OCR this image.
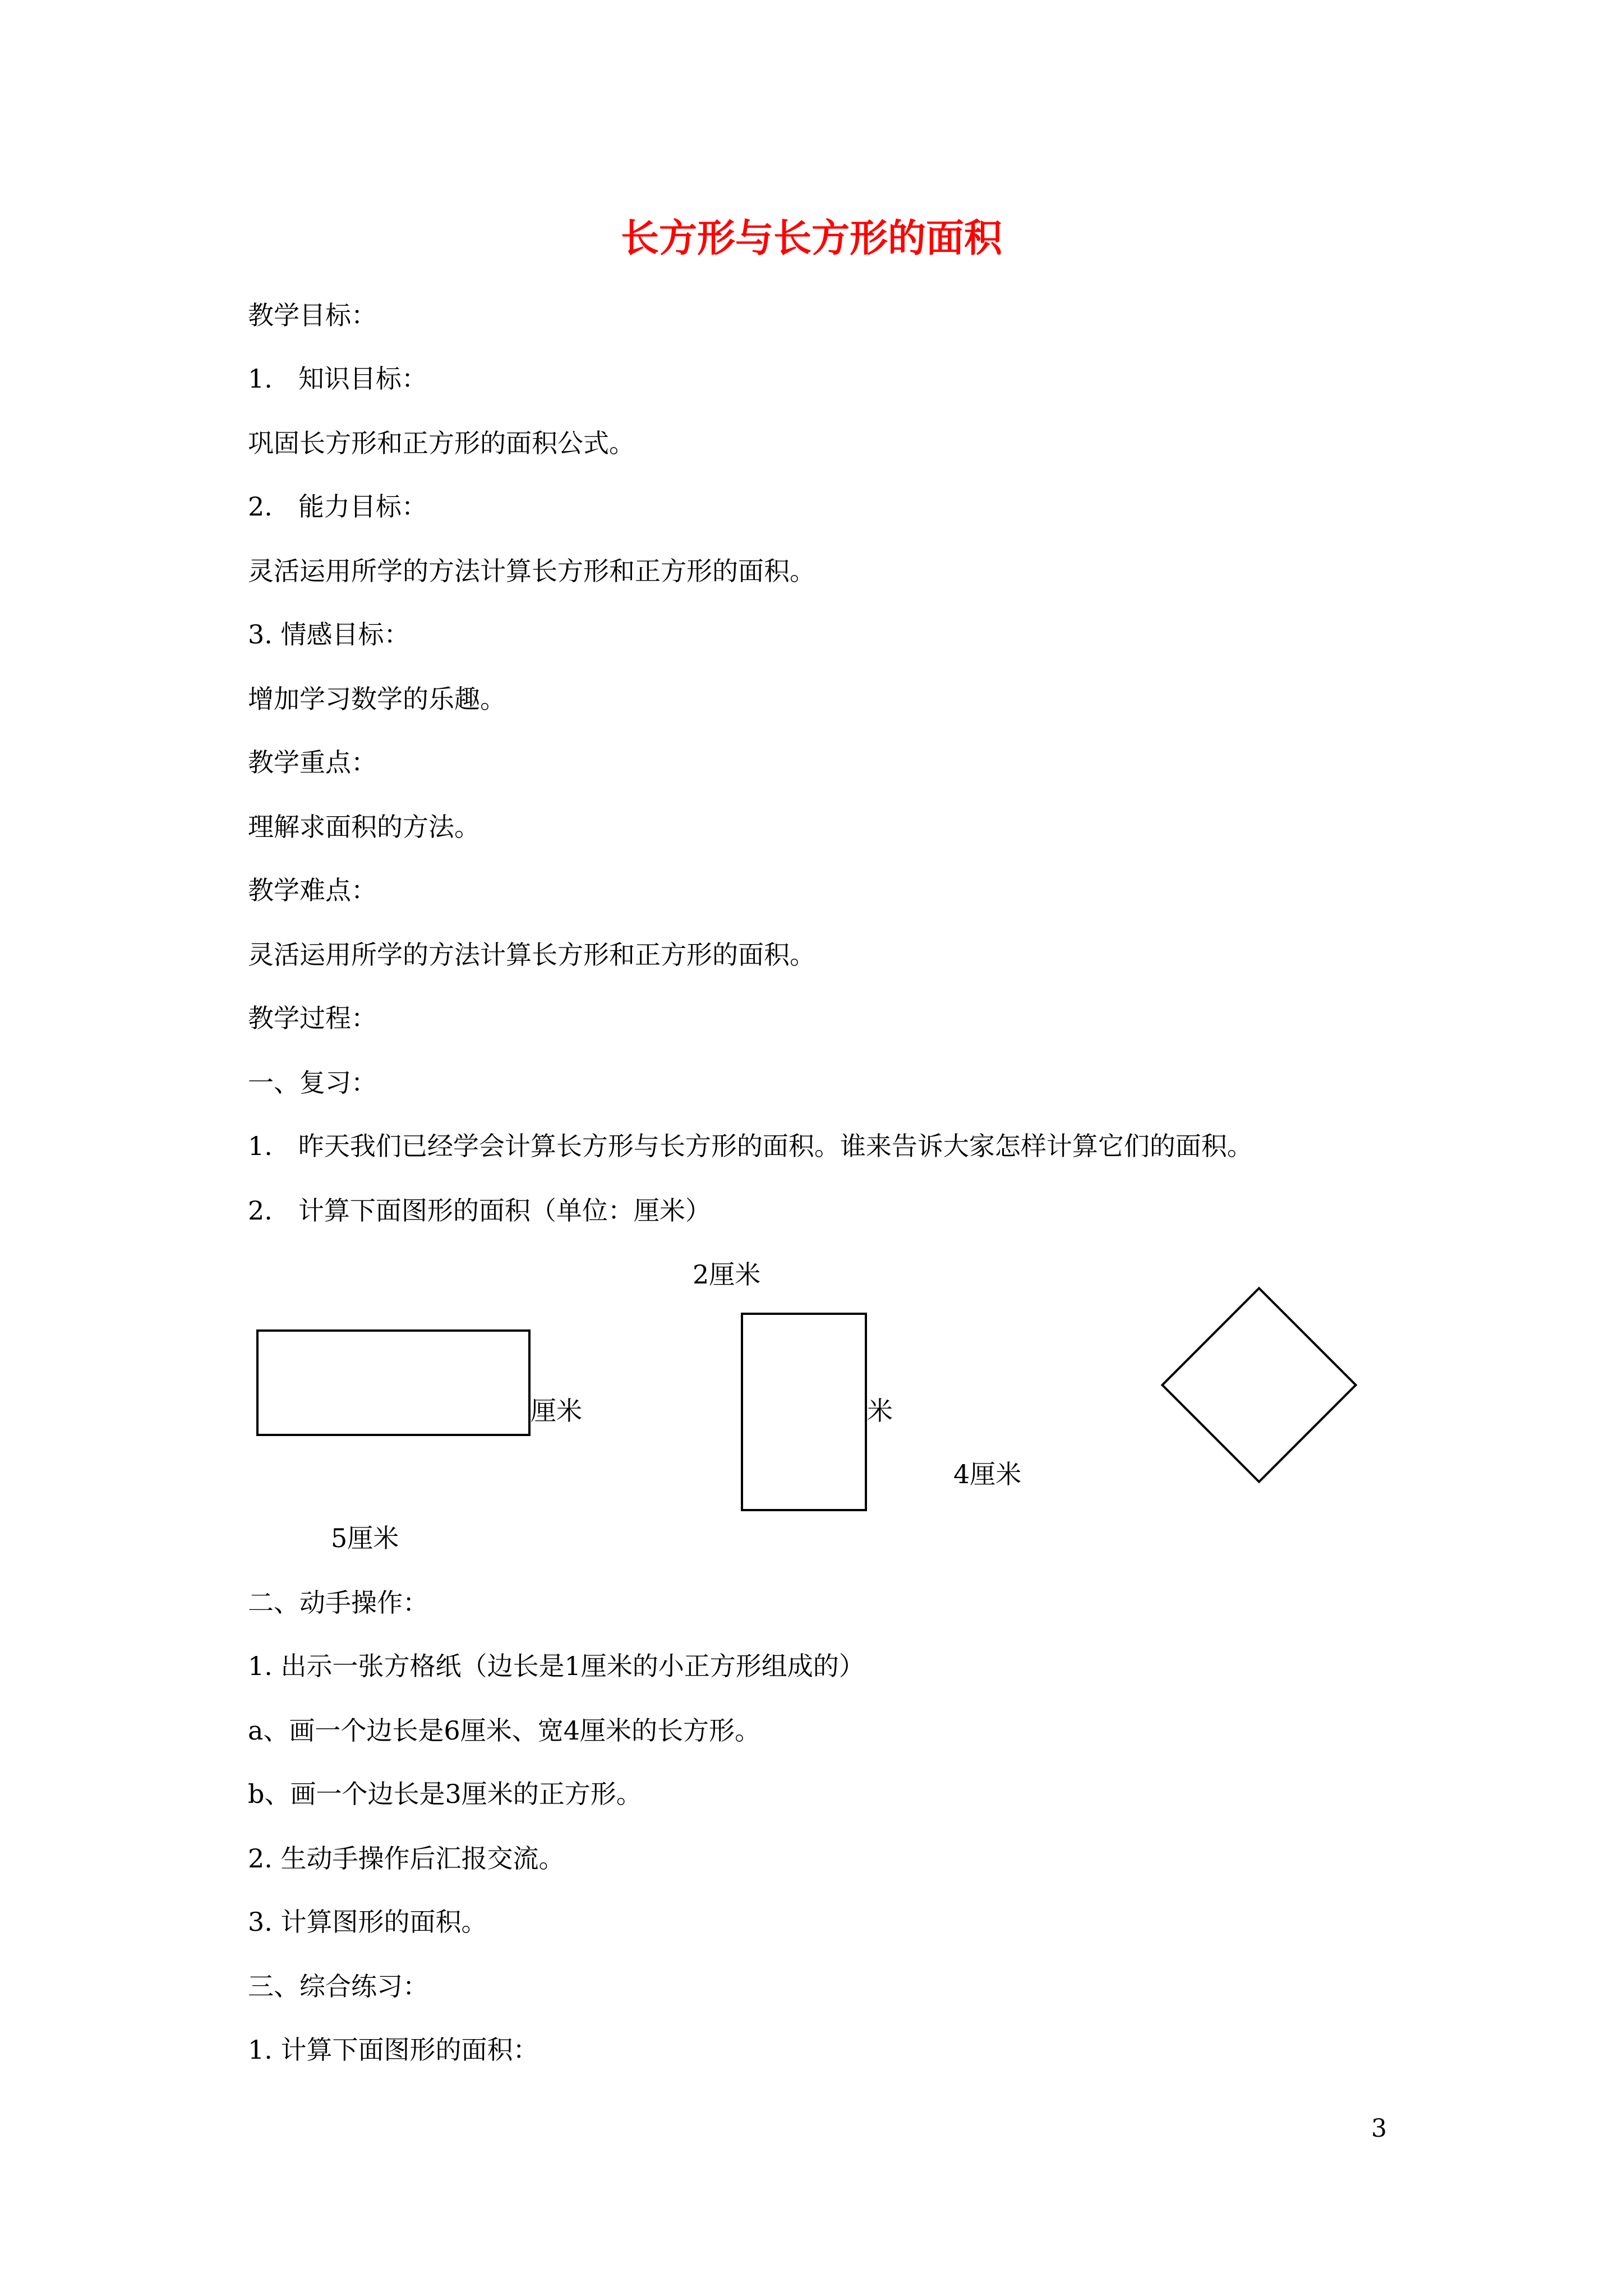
长方形与长方形的面积
教学目标：
1.　知识目标：
巩固长方形和正方形的面积公式。
2.　能力目标：
灵活运用所学的方法计算长方形和正方形的面积。
3. 情感目标：
增加学习数学的乐趣。
教学重点：
理解求面积的方法。
教学难点：
灵活运用所学的方法计算长方形和正方形的面积。
教学过程：
一、复习：
1.　昨天我们已经学会计算长方形与长方形的面积。谁来告诉大家怎样计算它们的面积。
2.　计算下面图形的面积（单位：厘米）
2厘米
厘米	米
4厘米
5厘米
二、动手操作：
1. 出示一张方格纸（边长是1厘米的小正方形组成的）
a、画一个边长是6厘米、宽4厘米的长方形。
b、画一个边长是3厘米的正方形。
2. 生动手操作后汇报交流。
3. 计算图形的面积。
三、综合练习：
1. 计算下面图形的面积：
3
